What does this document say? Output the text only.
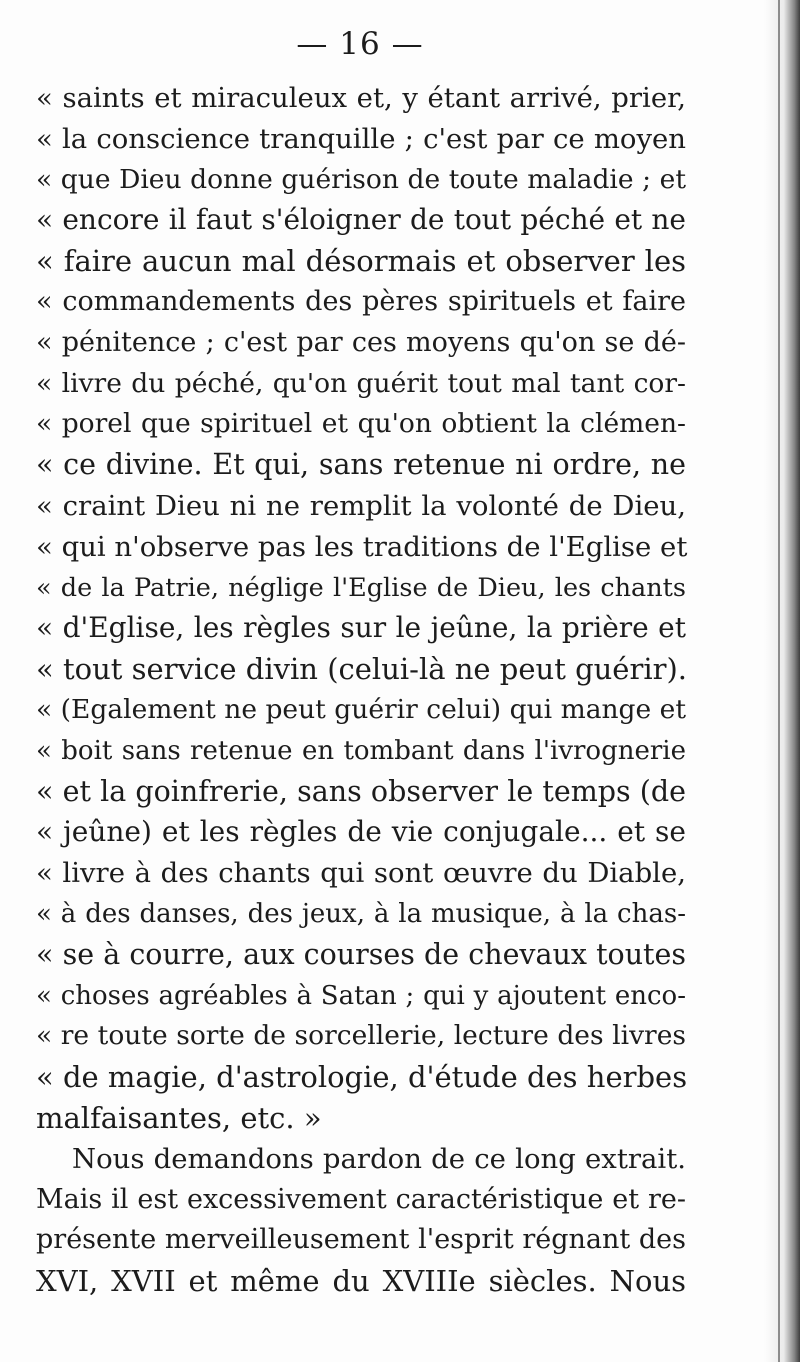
— 16 —
« saints et miraculeux et, y étant arrivé, prier,
« la conscience tranquille ; c'est par ce moyen
« que Dieu donne guérison de toute maladie ; et
« encore il faut s'éloigner de tout péché et ne
« faire aucun mal désormais et observer les
« commandements des pères spirituels et faire
« pénitence ; c'est par ces moyens qu'on se dé-
« livre du péché, qu'on guérit tout mal tant cor-
« porel que spirituel et qu'on obtient la clémen-
« ce divine. Et qui, sans retenue ni ordre, ne
« craint Dieu ni ne remplit la volonté de Dieu,
« qui n'observe pas les traditions de l'Eglise et
« de la Patrie, néglige l'Eglise de Dieu, les chants
« d'Eglise, les règles sur le jeûne, la prière et
« tout service divin (celui-là ne peut guérir).
« (Egalement ne peut guérir celui) qui mange et
« boit sans retenue en tombant dans l'ivrognerie
« et la goinfrerie, sans observer le temps (de
« jeûne) et les règles de vie conjugale... et se
« livre à des chants qui sont œuvre du Diable,
« à des danses, des jeux, à la musique, à la chas-
« se à courre, aux courses de chevaux toutes
« choses agréables à Satan ; qui y ajoutent enco-
« re toute sorte de sorcellerie, lecture des livres
« de magie, d'astrologie, d'étude des herbes
malfaisantes, etc. »
Nous demandons pardon de ce long extrait.
Mais il est excessivement caractéristique et re-
présente merveilleusement l'esprit régnant des
XVI, XVII et même du XVIIIe siècles. Nous
